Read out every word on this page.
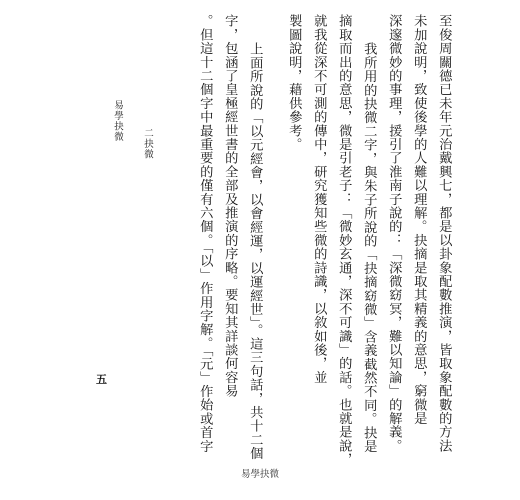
至俊周關德已未年元治戴興七，都是以卦象配數推演，皆取象配數的方法
未加說明，致使後學的人難以理解。抉摘是取其精義的意思，窮微是
深邃微妙的事理，援引了淮南子說的：「深微窈冥，難以知論」的解義。
我所用的抉微二字，與朱子所說的「抉摘窈微」含義截然不同。抉是
摘取而出的意思，微是引老子：「微妙玄通，深不可識」的話。也就是說，
就我從深不可測的傳中，研究獲知些微的詩識，以敘如後，並
製圖說明，藉供參考。
上面所說的「以元經會，以會經運，以運經世」。這三句話，共十二個
字，包涵了皇極經世書的全部及推演的序略。要知其詳談何容易
。但這十二個字中最重要的僅有六個。「以」作用字解。「元」作始或首字
易學抉微
二抉微
五
易學抉微
